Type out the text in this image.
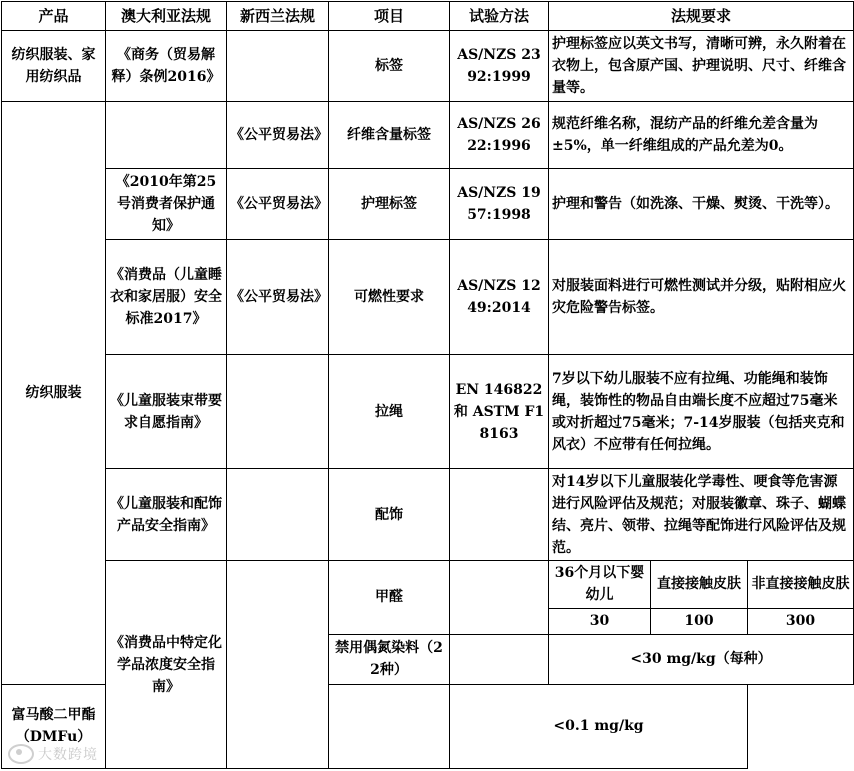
产品	澳大利亚法规	新西兰法规	项目	试验方法	法规要求		
纺织服装、家用纺织品	《商务（贸易解释）条例2016》		标签	AS/NZS 2392:1999	护理标签应以英文书写，清晰可辨，永久附着在衣物上，包含原产国、护理说明、尺寸、纤维含量等。		
纺织服装		《公平贸易法》	纤维含量标签	AS/NZS 2622:1996	规范纤维名称，混纺产品的纤维允差含量为±5%，单一纤维组成的产品允差为0。		
	《2010年第25号消费者保护通知》	《公平贸易法》	护理标签	AS/NZS 1957:1998	护理和警告（如洗涤、干燥、熨烫、干洗等）。		
	《消费品（儿童睡衣和家居服）安全标准2017》	《公平贸易法》	可燃性要求	AS/NZS 1249:2014	对服装面料进行可燃性测试并分级，贴附相应火灾危险警告标签。		
	《儿童服装束带要求自愿指南》		拉绳	EN 146822和 ASTM F18163	7岁以下幼儿服装不应有拉绳、功能绳和装饰绳，装饰性的物品自由端长度不应超过75毫米或对折超过75毫米；7-14岁服装（包括夹克和风衣）不应带有任何拉绳。		
	《儿童服装和配饰产品安全指南》		配饰		对14岁以下儿童服装化学毒性、哽食等危害源进行风险评估及规范；对服装徽章、珠子、蝴蝶结、亮片、领带、拉绳等配饰进行风险评估及规范。		
	《消费品中特定化学品浓度安全指南》		甲醛		36个月以下婴幼儿	直接接触皮肤	非直接接触皮肤
					30	100	300
			禁用偶氮染料（22种）		<30 mg/kg（每种）		
富马酸二甲酯（DMFu）				<0.1 mg/kg			
大数跨境
